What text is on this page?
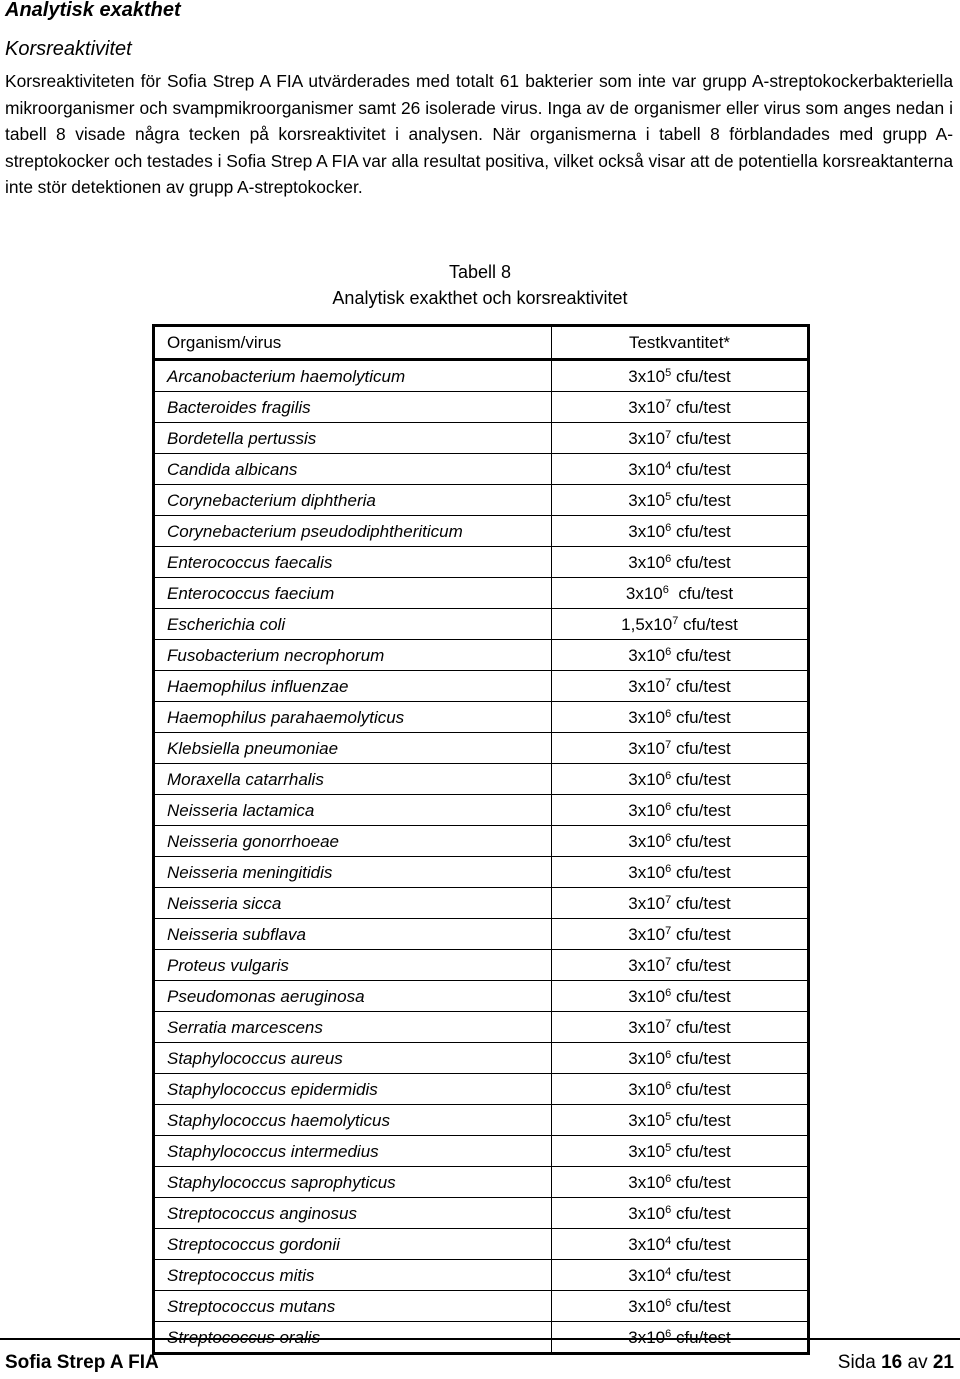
Analytisk exakthet
Korsreaktivitet

Korsreaktiviteten för Sofia Strep A FIA utvärderades med totalt 61 bakterier som inte var grupp A-streptokockerbakteriella mikroorganismer och svampmikroorganismer samt 26 isolerade virus. Inga av de organismer eller virus som anges nedan i tabell 8 visade några tecken på korsreaktivitet i analysen. När organismerna i tabell 8 förblandades med grupp A-streptokocker och testades i Sofia Strep A FIA var alla resultat positiva, vilket också visar att de potentiella korsreaktanterna inte stör detektionen av grupp A-streptokocker.

Tabell 8

Analytisk exakthet och korsreaktivitet

Organism/virus	Testkvantitet*
Arcanobacterium haemolyticum	$3x10^5$ cfu/test
Bacteroides fragilis	$3x10^7$ cfu/test
Bordetella pertussis	$3x10^7$ cfu/test
Candida albicans	$3x10^4$ cfu/test
Corynebacterium diphtheria	$3x10^5$ cfu/test
Corynebacterium pseudodiphtheriticum	$3x10^6$ cfu/test
Enterococcus faecalis	$3x10^6$ cfu/test
Enterococcus faecium	$3x10^6$  cfu/test
Escherichia coli	$1,5x10^7$ cfu/test
Fusobacterium necrophorum	$3x10^6$ cfu/test
Haemophilus influenzae	$3x10^7$ cfu/test
Haemophilus parahaemolyticus	$3x10^6$ cfu/test
Klebsiella pneumoniae	$3x10^7$ cfu/test
Moraxella catarrhalis	$3x10^6$ cfu/test
Neisseria lactamica	$3x10^6$ cfu/test
Neisseria gonorrhoeae	$3x10^6$ cfu/test
Neisseria meningitidis	$3x10^6$ cfu/test
Neisseria sicca	$3x10^7$ cfu/test
Neisseria subflava	$3x10^7$ cfu/test
Proteus vulgaris	$3x10^7$ cfu/test
Pseudomonas aeruginosa	$3x10^6$ cfu/test
Serratia marcescens	$3x10^7$ cfu/test
Staphylococcus aureus	$3x10^6$ cfu/test
Staphylococcus epidermidis	$3x10^6$ cfu/test
Staphylococcus haemolyticus	$3x10^5$ cfu/test
Staphylococcus intermedius	$3x10^5$ cfu/test
Staphylococcus saprophyticus	$3x10^6$ cfu/test
Streptococcus anginosus	$3x10^6$ cfu/test
Streptococcus gordonii	$3x10^4$ cfu/test
Streptococcus mitis	$3x10^4$ cfu/test
Streptococcus mutans	$3x10^6$ cfu/test
Streptococcus oralis	$3x10^6$ cfu/test

Sofia Strep A FIA	Sida 16 av 21
